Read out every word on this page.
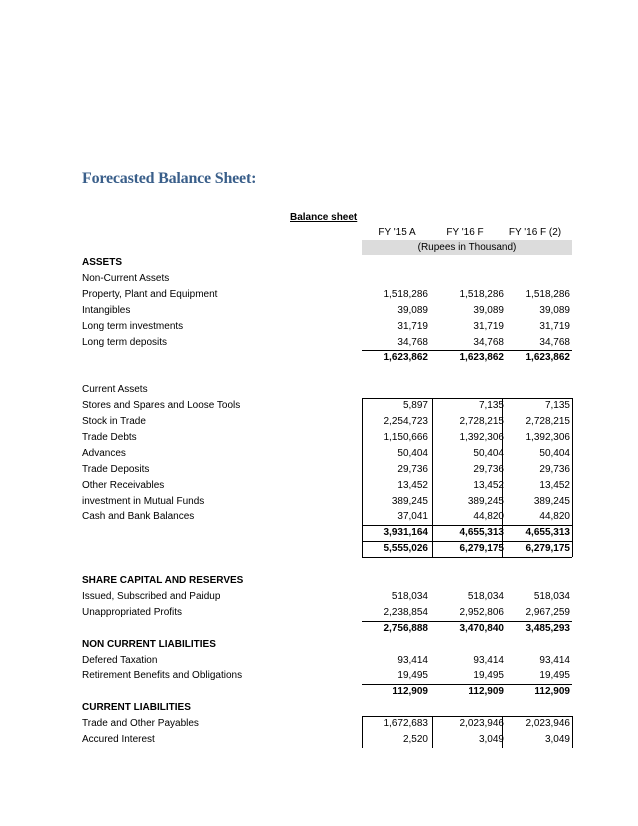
Forecasted Balance Sheet:
Balance sheet
FY '15 A	FY '16 F	FY '16 F (2)
(Rupees in Thousand)
ASSETS
Non-Current Assets
Property, Plant and Equipment	1,518,286	1,518,286	1,518,286
Intangibles	39,089	39,089	39,089
Long term investments	31,719	31,719	31,719
Long term deposits	34,768	34,768	34,768
1,623,862	1,623,862	1,623,862
Current Assets
Stores and Spares and Loose Tools	5,897	7,135	7,135
Stock in Trade	2,254,723	2,728,215	2,728,215
Trade Debts	1,150,666	1,392,306	1,392,306
Advances	50,404	50,404	50,404
Trade Deposits	29,736	29,736	29,736
Other Receivables	13,452	13,452	13,452
investment in Mutual Funds	389,245	389,245	389,245
Cash and Bank Balances	37,041	44,820	44,820
3,931,164	4,655,313	4,655,313
5,555,026	6,279,175	6,279,175
SHARE CAPITAL AND RESERVES
Issued, Subscribed and Paidup	518,034	518,034	518,034
Unappropriated Profits	2,238,854	2,952,806	2,967,259
2,756,888	3,470,840	3,485,293
NON CURRENT LIABILITIES
Defered Taxation	93,414	93,414	93,414
Retirement Benefits and Obligations	19,495	19,495	19,495
112,909	112,909	112,909
CURRENT LIABILITIES
Trade and Other Payables	1,672,683	2,023,946	2,023,946
Accured Interest	2,520	3,049	3,049
